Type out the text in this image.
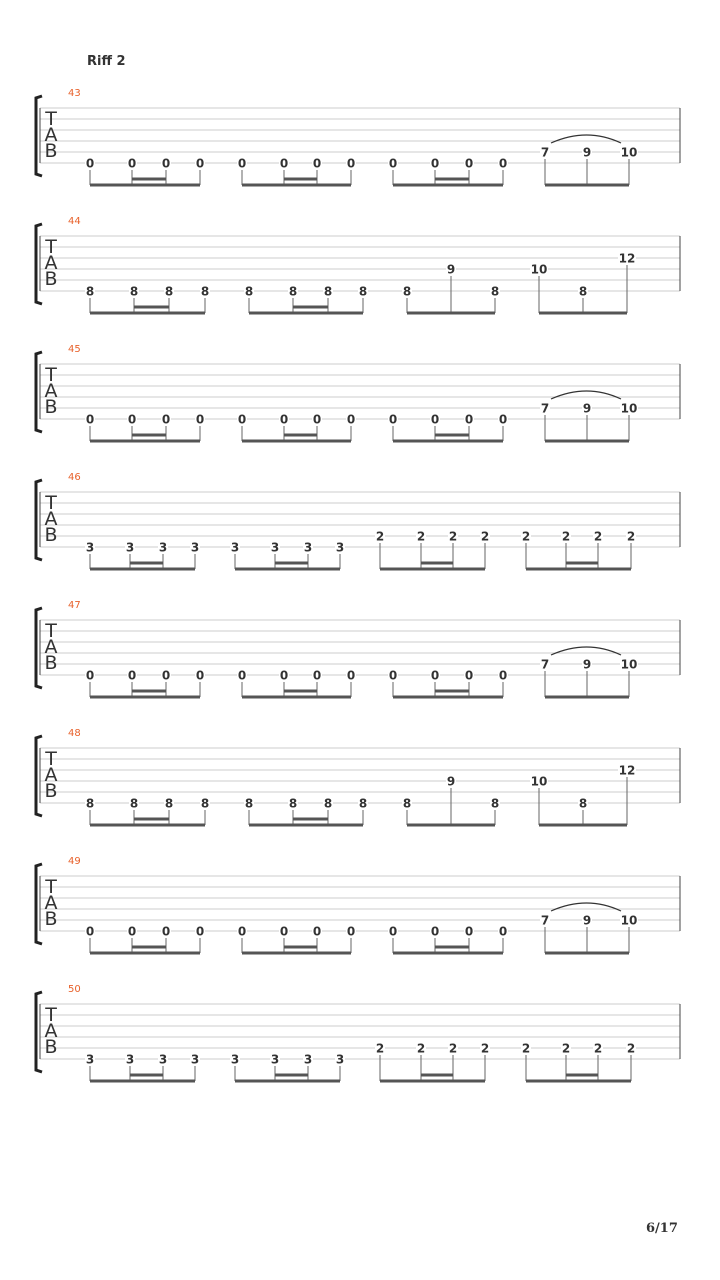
Riff 2
T
A
B
43
0	0 0 0	0	0 0 0	0	0 0 0
7	9 10
T
A
B
44
8	8 8 8	8	8 8 8	8
9
8
10
8
12
T
A
B
45
0	0 0 0	0	0 0 0	0	0 0 0
7	9 10
T
A
B
46
3	3 3 3	3	3 3 3
2	2 2 2	2	2 2 2
T
A
B
47
0	0 0 0	0	0 0 0	0	0 0 0
7	9 10
T
A
B
48
8	8 8 8	8	8 8 8	8
9
8
10
8
12
T
A
B
49
0	0 0 0	0	0 0 0	0	0 0 0
7	9 10
T
A
B
50
3	3 3 3	3	3 3 3
2	2 2 2	2	2 2 2
6/17
